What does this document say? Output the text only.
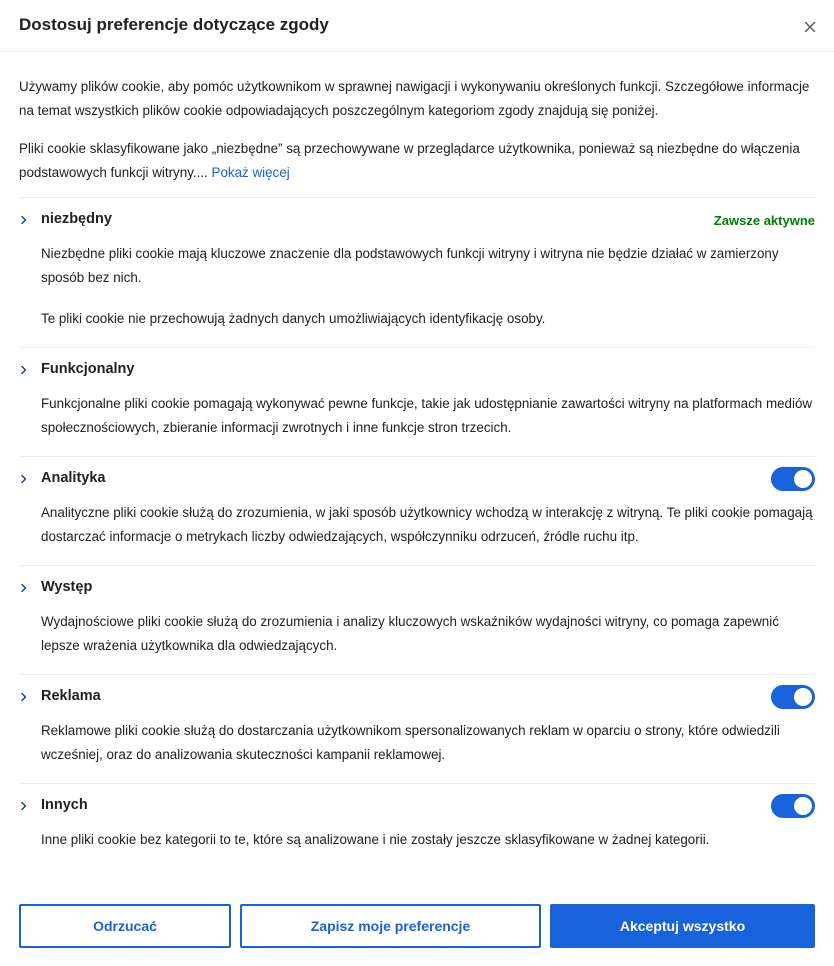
Dostosuj preferencje dotyczące zgody

Używamy plików cookie, aby pomóc użytkownikom w sprawnej nawigacji i wykonywaniu określonych funkcji. Szczegółowe informacje na temat wszystkich plików cookie odpowiadających poszczególnym kategoriom zgody znajdują się poniżej.

Pliki cookie sklasyfikowane jako „niezbędne” są przechowywane w przeglądarce użytkownika, ponieważ są niezbędne do włączenia podstawowych funkcji witryny.... Pokaż więcej

niezbędny	Zawsze aktywne

Niezbędne pliki cookie mają kluczowe znaczenie dla podstawowych funkcji witryny i witryna nie będzie działać w zamierzony sposób bez nich.

Te pliki cookie nie przechowują żadnych danych umożliwiających identyfikację osoby.

Funkcjonalny

Funkcjonalne pliki cookie pomagają wykonywać pewne funkcje, takie jak udostępnianie zawartości witryny na platformach mediów społecznościowych, zbieranie informacji zwrotnych i inne funkcje stron trzecich.

Analityka

Analityczne pliki cookie służą do zrozumienia, w jaki sposób użytkownicy wchodzą w interakcję z witryną. Te pliki cookie pomagają dostarczać informacje o metrykach liczby odwiedzających, współczynniku odrzuceń, źródle ruchu itp.

Występ

Wydajnościowe pliki cookie służą do zrozumienia i analizy kluczowych wskaźników wydajności witryny, co pomaga zapewnić lepsze wrażenia użytkownika dla odwiedzających.

Reklama

Reklamowe pliki cookie służą do dostarczania użytkownikom spersonalizowanych reklam w oparciu o strony, które odwiedzili wcześniej, oraz do analizowania skuteczności kampanii reklamowej.

Innych

Inne pliki cookie bez kategorii to te, które są analizowane i nie zostały jeszcze sklasyfikowane w żadnej kategorii.

Odrzucać	Zapisz moje preferencje	Akceptuj wszystko
